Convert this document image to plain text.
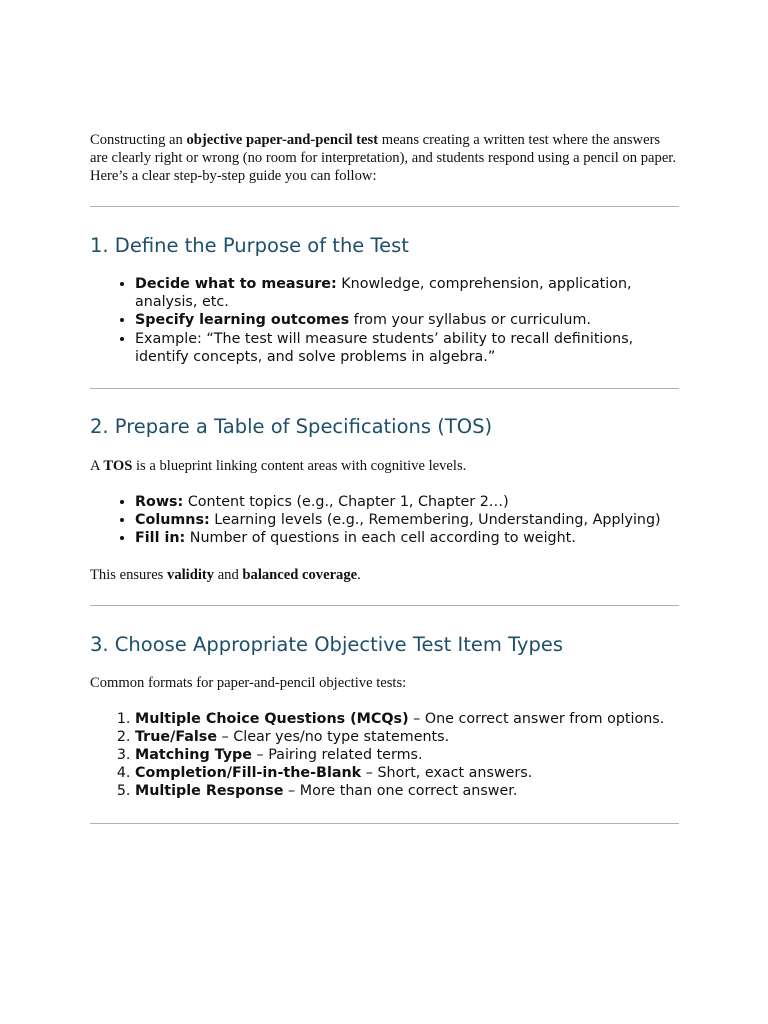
Constructing an objective paper-and-pencil test means creating a written test where the answers are clearly right or wrong (no room for interpretation), and students respond using a pencil on paper.

Here’s a clear step-by-step guide you can follow:

1. Define the Purpose of the Test
• Decide what to measure: Knowledge, comprehension, application, analysis, etc.
• Specify learning outcomes from your syllabus or curriculum.
• Example: “The test will measure students’ ability to recall definitions, identify concepts, and solve problems in algebra.”
2. Prepare a Table of Specifications (TOS)

A TOS is a blueprint linking content areas with cognitive levels.

• Rows: Content topics (e.g., Chapter 1, Chapter 2…)
• Columns: Learning levels (e.g., Remembering, Understanding, Applying)
• Fill in: Number of questions in each cell according to weight.

This ensures validity and balanced coverage.

3. Choose Appropriate Objective Test Item Types

Common formats for paper-and-pencil objective tests:

1. Multiple Choice Questions (MCQs) – One correct answer from options.
2. True/False – Clear yes/no type statements.
3. Matching Type – Pairing related terms.
4. Completion/Fill-in-the-Blank – Short, exact answers.
5. Multiple Response – More than one correct answer.
